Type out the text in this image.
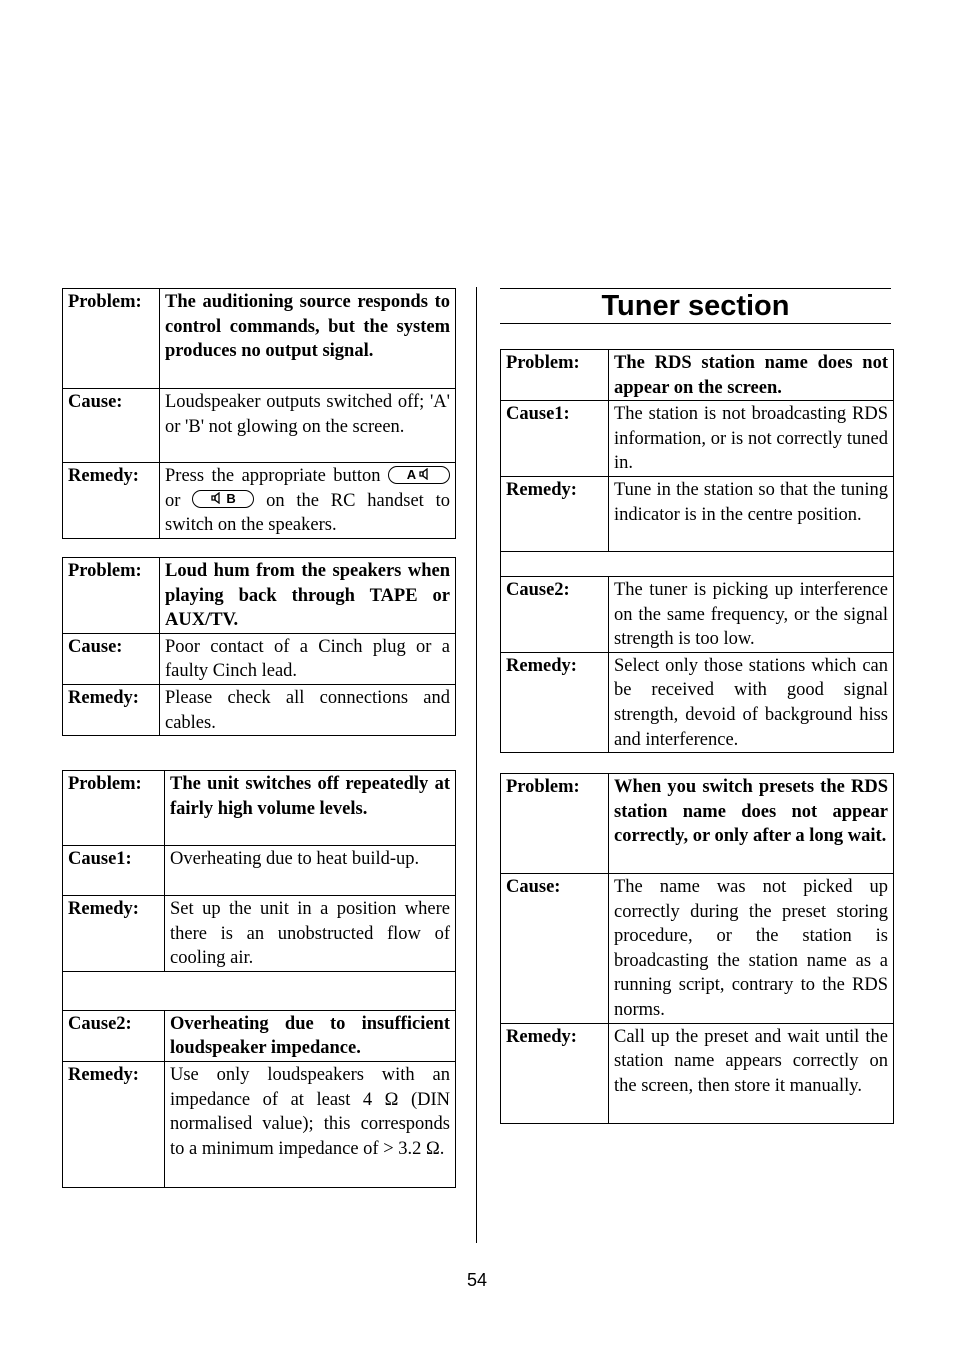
Problem:	The auditioning source responds to control commands, but the system produces no output signal.
Cause:	Loudspeaker outputs switched off; 'A' or 'B' not glowing on the screen.
Remedy:	Press the appropriate button A or B on the RC handset to switch on the speakers.
Problem:	Loud hum from the speakers when playing back through TAPE or AUX/TV.
Cause:	Poor contact of a Cinch plug or a faulty Cinch lead.
Remedy:	Please check all connections and cables.
Problem:	The unit switches off repeatedly at fairly high volume levels.
Cause1:	Overheating due to heat build-up.
Remedy:	Set up the unit in a position where there is an unobstructed flow of cooling air.

Cause2:	Overheating due to insufficient loudspeaker impedance.
Remedy:	Use only loudspeakers with an impedance of at least 4 Ω (DIN normalised value); this corresponds to a minimum impedance of > 3.2 Ω.
Tuner section
Problem:	The RDS station name does not appear on the screen.
Cause1:	The station is not broadcasting RDS information, or is not correctly tuned in.
Remedy:	Tune in the station so that the tuning indicator is in the centre position.

Cause2:	The tuner is picking up interference on the same frequency, or the signal strength is too low.
Remedy:	Select only those stations which can be received with good signal strength, devoid of background hiss and interference.
Problem:	When you switch presets the RDS station name does not appear correctly, or only after a long wait.
Cause:	The name was not picked up correctly during the preset storing procedure, or the station is broadcasting the station name as a running script, contrary to the RDS norms.
Remedy:	Call up the preset and wait until the station name appears correctly on the screen, then store it manually.
54
